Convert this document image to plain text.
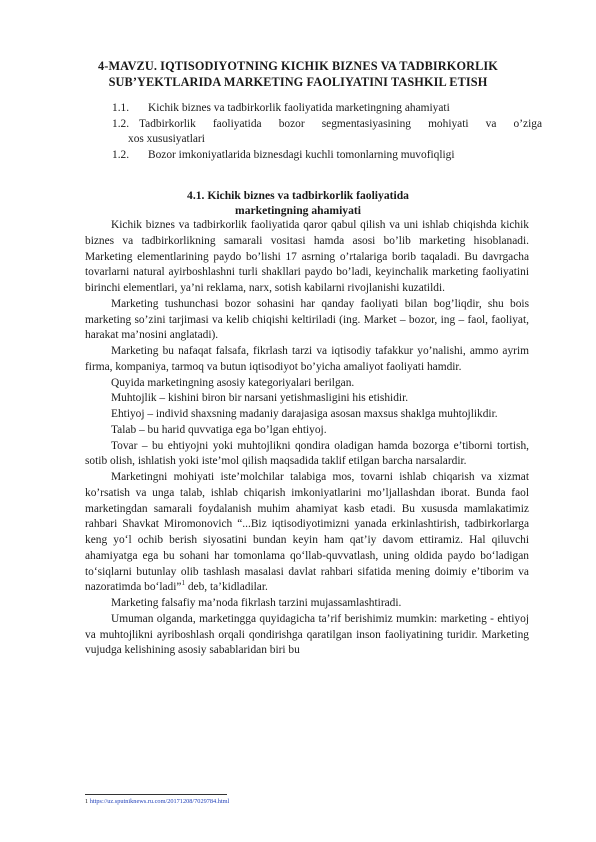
4-MAVZU. IQTISODIYOTNING KICHIK BIZNES VA TADBIRKORLIK
SUB’YEKTLARIDA MARKETING FAOLIYATINI TASHKIL ETISH
1.1.	Kichik biznes va tadbirkorlik faoliyatida marketingning ahamiyati
1.2. Tadbirkorlik faoliyatida bozor segmentasiyasining mohiyati va o’ziga
xos xususiyatlari
1.2.	Bozor imkoniyatlarida biznesdagi kuchli tomonlarning muvofiqligi
4.1. Kichik biznes va tadbirkorlik faoliyatida
marketingning ahamiyati

Kichik biznes va tadbirkorlik faoliyatida qaror qabul qilish va uni ishlab chiqishda kichik biznes va tadbirkorlikning samarali vositasi hamda asosi bo’lib marketing hisoblanadi. Marketing elementlarining paydo bo’lishi 17 asrning o’rtalariga borib taqaladi. Bu davrgacha tovarlarni natural ayirboshlashni turli shakllari paydo bo’ladi, keyinchalik marketing faoliyatini birinchi elementlari, ya’ni reklama, narx, sotish kabilarni rivojlanishi kuzatildi.

Marketing tushunchasi bozor sohasini har qanday faoliyati bilan bog’liqdir, shu bois marketing so’zini tarjimasi va kelib chiqishi keltiriladi (ing. Market – bozor, ing – faol, faoliyat, harakat ma’nosini anglatadi).

Marketing bu nafaqat falsafa, fikrlash tarzi va iqtisodiy tafakkur yo’nalishi, ammo ayrim firma, kompaniya, tarmoq va butun iqtisodiyot bo’yicha amaliyot faoliyati hamdir.

Quyida marketingning asosiy kategoriyalari berilgan.

Muhtojlik – kishini biron bir narsani yetishmasligini his etishidir.

Ehtiyoj – individ shaxsning madaniy darajasiga asosan maxsus shaklga muhtojlikdir.

Talab – bu harid quvvatiga ega bo’lgan ehtiyoj.

Tovar – bu ehtiyojni yoki muhtojlikni qondira oladigan hamda bozorga e’tiborni tortish, sotib olish, ishlatish yoki iste’mol qilish maqsadida taklif etilgan barcha narsalardir.

Marketingni mohiyati iste’molchilar talabiga mos, tovarni ishlab chiqarish va xizmat ko’rsatish va unga talab, ishlab chiqarish imkoniyatlarini mo’ljallashdan iborat. Bunda faol marketingdan samarali foydalanish muhim ahamiyat kasb etadi. Bu xususda mamlakatimiz rahbari Shavkat Miromonovich “...Biz iqtisodiyotimizni yanada erkinlashtirish, tadbirkorlarga keng yo‘l ochib berish siyosatini bundan keyin ham qat’iy davom ettiramiz. Hal qiluvchi ahamiyatga ega bu sohani har tomonlama qo‘llab-quvvatlash, uning oldida paydo bo‘ladigan to‘siqlarni butunlay olib tashlash masalasi davlat rahbari sifatida mening doimiy e’tiborim va nazoratimda bo‘ladi”$^1$ deb, ta’kidladilar.

Marketing falsafiy ma’noda fikrlash tarzini mujassamlashtiradi.

Umuman olganda, marketingga quyidagicha ta’rif berishimiz mumkin: marketing - ehtiyoj va muhtojlikni ayriboshlash orqali qondirishga qaratilgan inson faoliyatining turidir. Marketing vujudga kelishining asosiy sabablaridan biri bu

1 https://uz.sputniknews.ru.com/20171208/7029784.html
